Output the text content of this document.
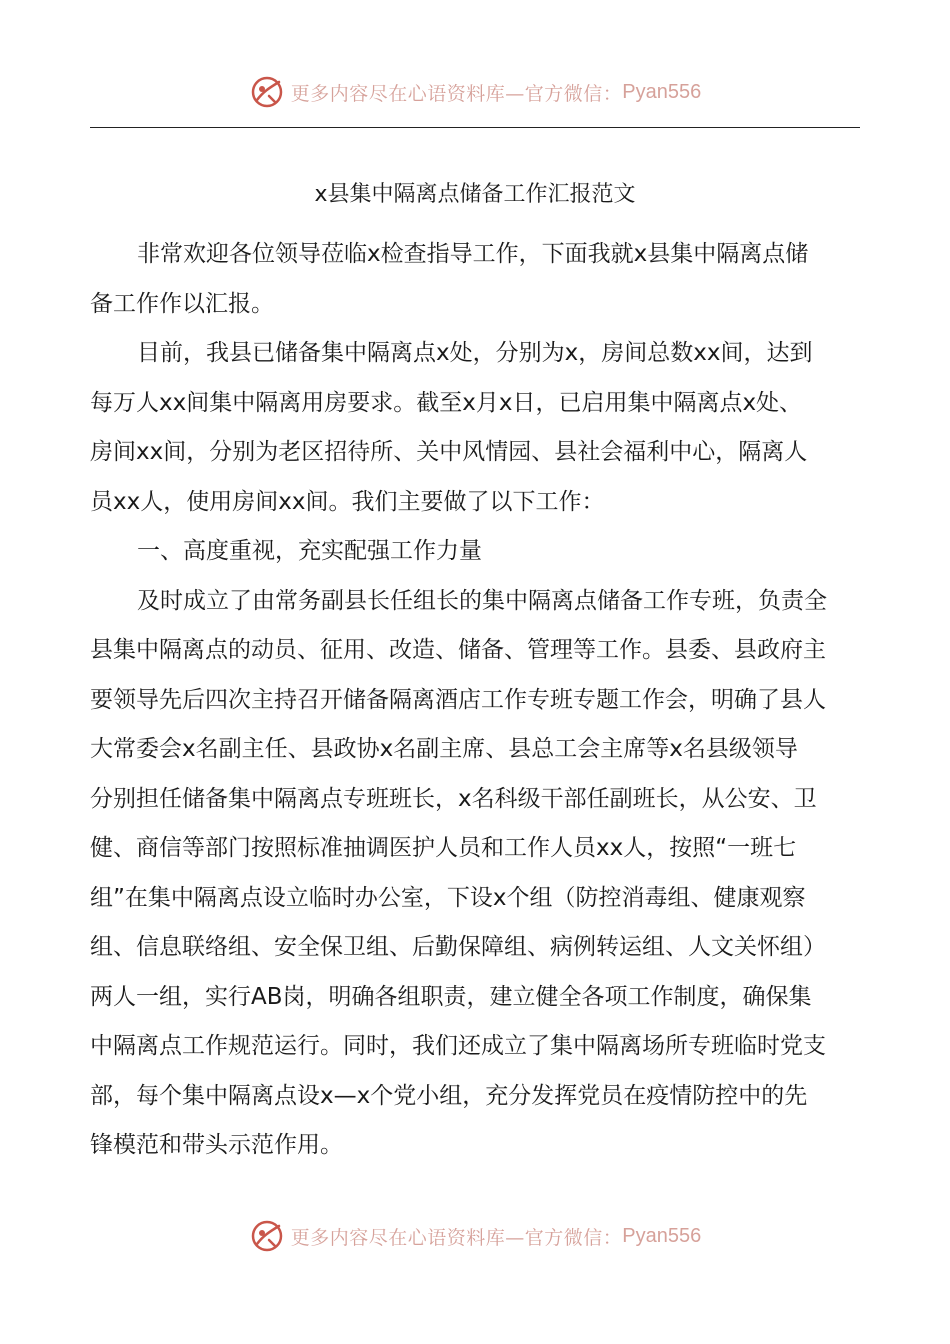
更多内容尽在心语资料库—官方微信： Pyan556
x县集中隔离点储备工作汇报范文
非常欢迎各位领导莅临x检查指导工作，下面我就x县集中隔离点储
备工作作以汇报。
目前，我县已储备集中隔离点x处，分别为x，房间总数xx间，达到
每万人xx间集中隔离用房要求。截至x月x日，已启用集中隔离点x处、
房间xx间，分别为老区招待所、关中风情园、县社会福利中心，隔离人
员xx人，使用房间xx间。我们主要做了以下工作：
一、高度重视，充实配强工作力量
及时成立了由常务副县长任组长的集中隔离点储备工作专班，负责全
县集中隔离点的动员、征用、改造、储备、管理等工作。县委、县政府主
要领导先后四次主持召开储备隔离酒店工作专班专题工作会，明确了县人
大常委会x名副主任、县政协x名副主席、县总工会主席等x名县级领导
分别担任储备集中隔离点专班班长，x名科级干部任副班长，从公安、卫
健、商信等部门按照标准抽调医护人员和工作人员xx人，按照“一班七
组”在集中隔离点设立临时办公室，下设x个组（防控消毒组、健康观察
组、信息联络组、安全保卫组、后勤保障组、病例转运组、人文关怀组）
两人一组，实行AB岗，明确各组职责，建立健全各项工作制度，确保集
中隔离点工作规范运行。同时，我们还成立了集中隔离场所专班临时党支
部，每个集中隔离点设x—x个党小组，充分发挥党员在疫情防控中的先
锋模范和带头示范作用。
更多内容尽在心语资料库—官方微信： Pyan556
